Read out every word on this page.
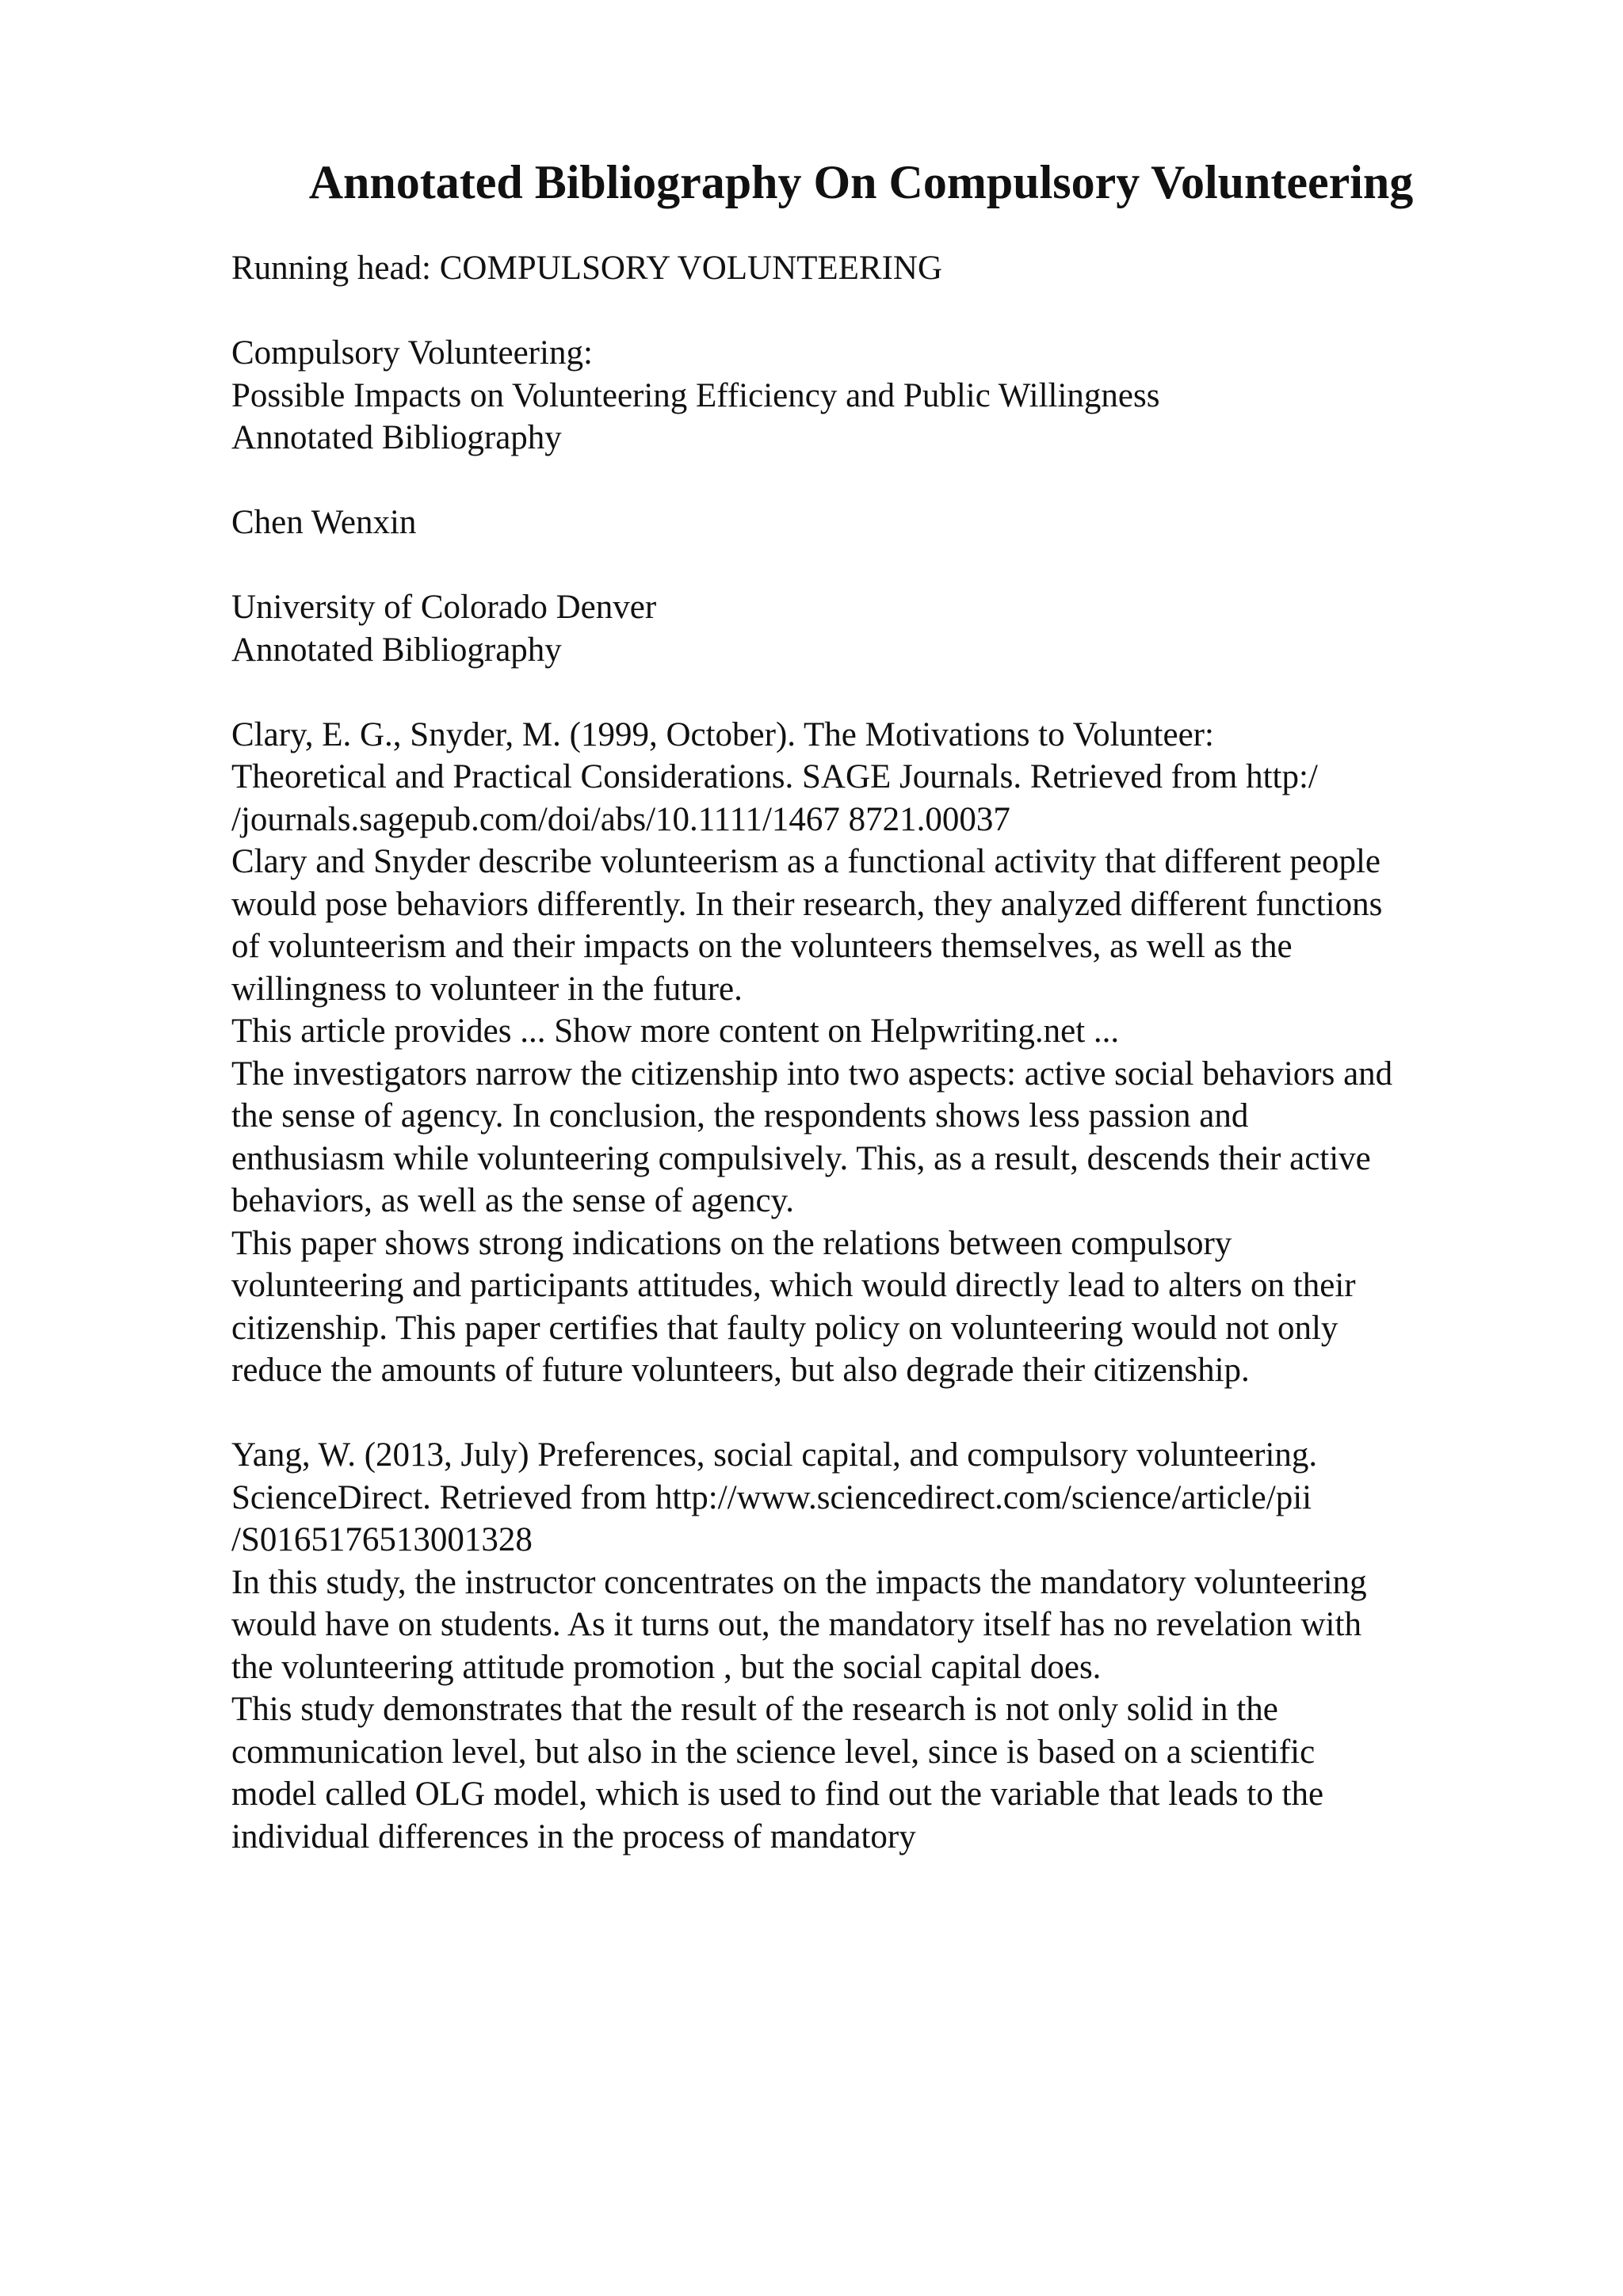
Annotated Bibliography On Compulsory Volunteering
Running head: COMPULSORY VOLUNTEERING
Compulsory Volunteering:
Possible Impacts on Volunteering Efficiency and Public Willingness
Annotated Bibliography
Chen Wenxin
University of Colorado Denver
Annotated Bibliography
Clary, E. G., Snyder, M. (1999, October). The Motivations to Volunteer:
Theoretical and Practical Considerations. SAGE Journals. Retrieved from http:/
/journals.sagepub.com/doi/abs/10.1111/1467 8721.00037
Clary and Snyder describe volunteerism as a functional activity that different people
would pose behaviors differently. In their research, they analyzed different functions
of volunteerism and their impacts on the volunteers themselves, as well as the
willingness to volunteer in the future.
This article provides ... Show more content on Helpwriting.net ...
The investigators narrow the citizenship into two aspects: active social behaviors and
the sense of agency. In conclusion, the respondents shows less passion and
enthusiasm while volunteering compulsively. This, as a result, descends their active
behaviors, as well as the sense of agency.
This paper shows strong indications on the relations between compulsory
volunteering and participants attitudes, which would directly lead to alters on their
citizenship. This paper certifies that faulty policy on volunteering would not only
reduce the amounts of future volunteers, but also degrade their citizenship.
Yang, W. (2013, July) Preferences, social capital, and compulsory volunteering.
ScienceDirect. Retrieved from http://www.sciencedirect.com/science/article/pii
/S0165176513001328
In this study, the instructor concentrates on the impacts the mandatory volunteering
would have on students. As it turns out, the mandatory itself has no revelation with
the volunteering attitude promotion , but the social capital does.
This study demonstrates that the result of the research is not only solid in the
communication level, but also in the science level, since is based on a scientific
model called OLG model, which is used to find out the variable that leads to the
individual differences in the process of mandatory
